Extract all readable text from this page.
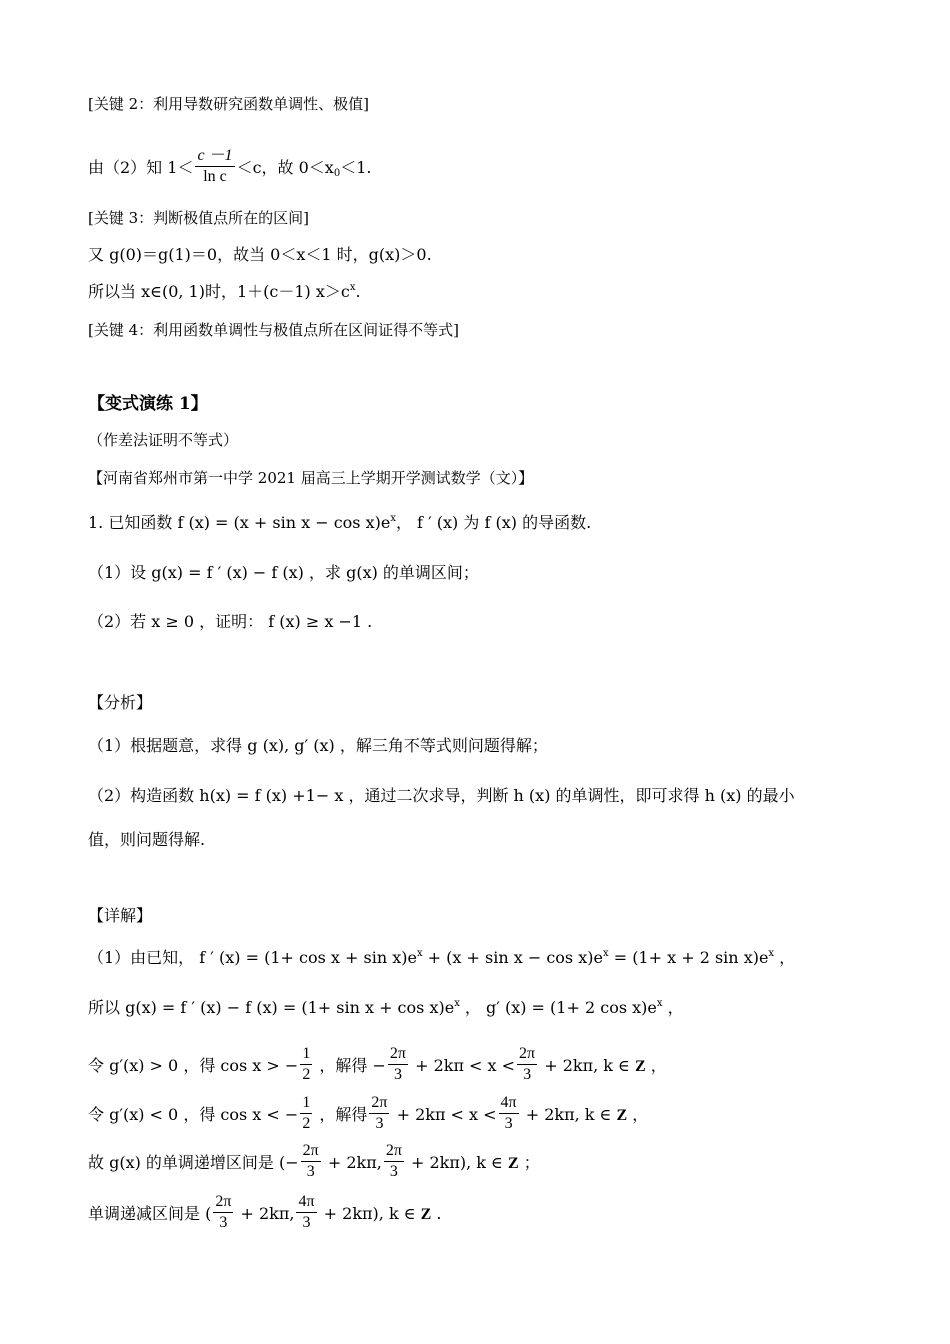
[关键 2：利用导数研究函数单调性、极值]
由（2）知 $1< \frac{c -1}{\text{ln c}} <c$，故 $0<x_0<1$.
[关键 3：判断极值点所在的区间]
又 g(0)＝g(1)＝0，故当 0＜x＜1 时，g(x)＞0.
所以当 x∈(0, 1)时，1＋(c－1) $x>c^x$.
[关键 4：利用函数单调性与极值点所在区间证得不等式]
【变式演练 1】
（作差法证明不等式）
【河南省郑州市第一中学 2021 届高三上学期开学测试数学（文）】
1. 已知函数 f $(x) = (x + \sin x - \cos x)e^x$， f ′ (x) 为 f (x) 的导函数.
（1）设 g(x) = f ′ (x) − f (x) ，求 g(x) 的单调区间；
（2）若 x ≥ 0 ，证明： f (x) ≥ x −1 .
【分析】
（1）根据题意，求得 g (x), g′ (x) ，解三角不等式则问题得解；
（2）构造函数 h(x) = f (x) +1− x ，通过二次求导，判断 h (x) 的单调性，即可求得 h (x) 的最小
值，则问题得解.
【详解】
（1）由已知， f ′ $(x) = (1+ \cos x + \sin x)e^x + (x + \sin x - \cos x)e^x = (1+ x + 2$ $\sin x)e^x$ ，
所以 g(x) = f ′ (x) − f $(x) = (1+ \sin x + \cos x)e^x$ ， g′ (x) = (1+ 2 $\cos x)e^x$ ，
令 g′(x) > 0 ，得 cos x > − $\frac{1}{2}$ ，解得 − $\frac{2\pi}{3} + 2k\pi < x < \frac{2\pi}{3} + 2k\pi$, k ∈ Z ，
令 g′(x) < 0 ，得 cos x < − $\frac{1}{2}$ ，解得 $\frac{2\pi}{3} + 2k\pi < x < \frac{4\pi}{3} + 2k\pi$, k ∈ Z ，
故 g(x) 的单调递增区间是 (− $\frac{2\pi}{3} + 2k\pi$, $\frac{2\pi}{3} + 2k\pi$), k ∈ Z ；
单调递减区间是 ( $\frac{2\pi}{3} + 2k\pi$, $\frac{4\pi}{3} + 2k\pi$), k ∈ Z .
